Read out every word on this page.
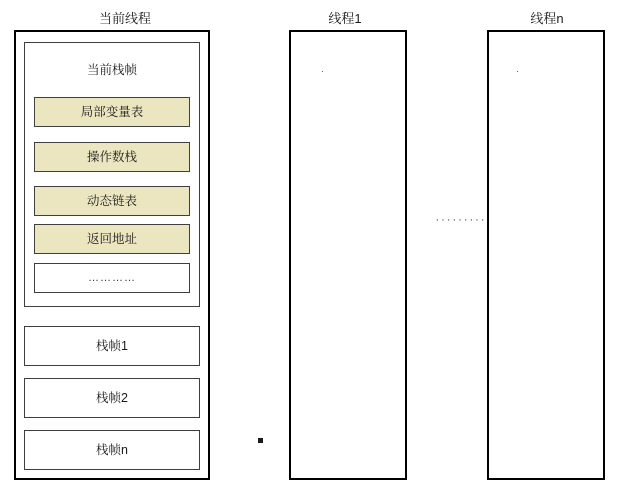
当前线程	线程1	线程n
当前栈帧
局部变量表
操作数栈
动态链表
返回地址
…………
栈帧1
栈帧2
栈帧n
·	·
·········
